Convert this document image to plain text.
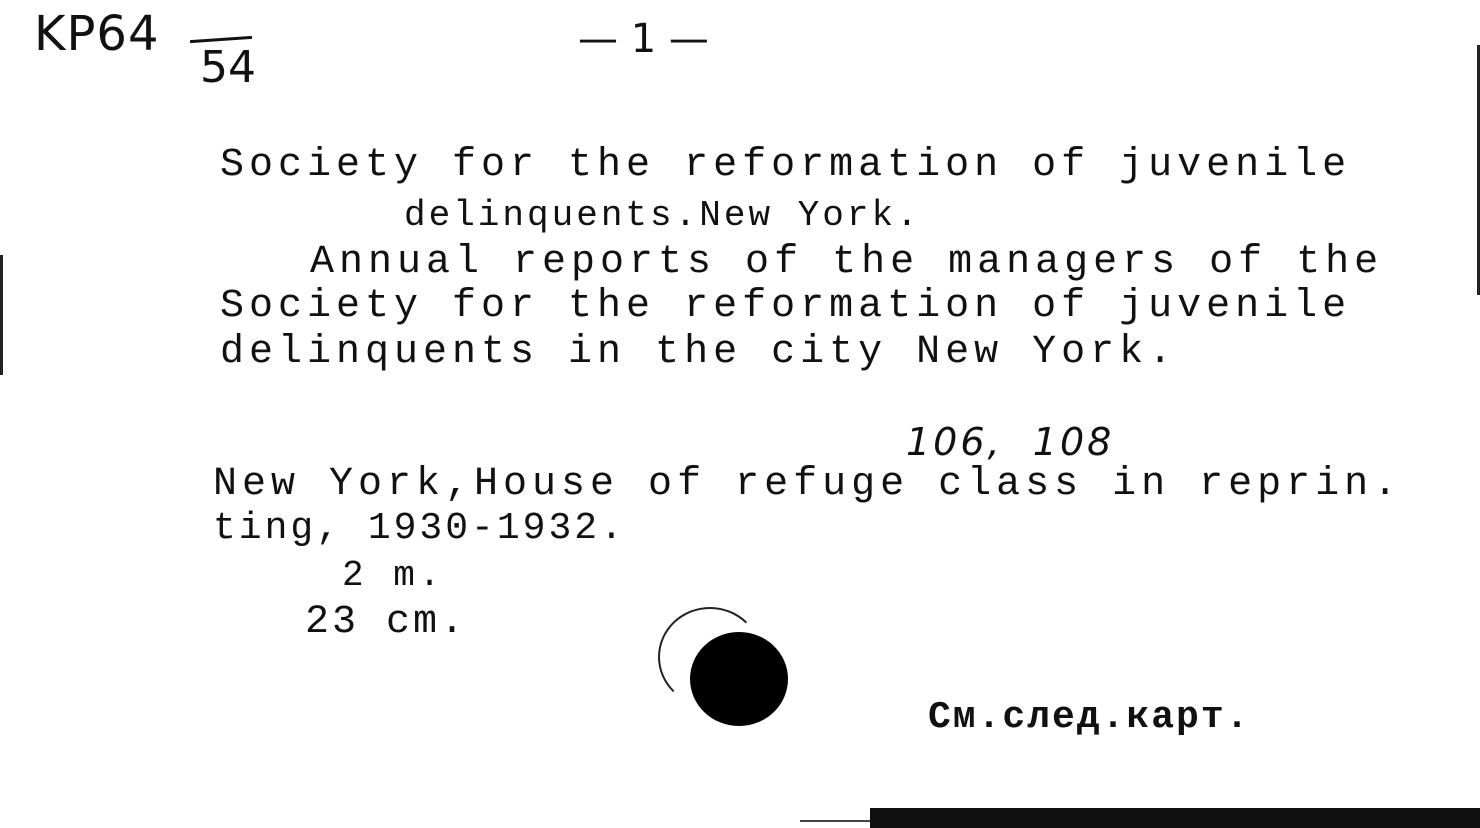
KP64
54
— 1 —
Society for the reformation of juvenile
delinquents.New York.
Annual reports of the managers of the
Society for the reformation of juvenile
delinquents in the city New York.
106,  108
New York,House of refuge class in reprin.
ting, 1930-1932.
2 m.
23 cm.
См.след.карт.
